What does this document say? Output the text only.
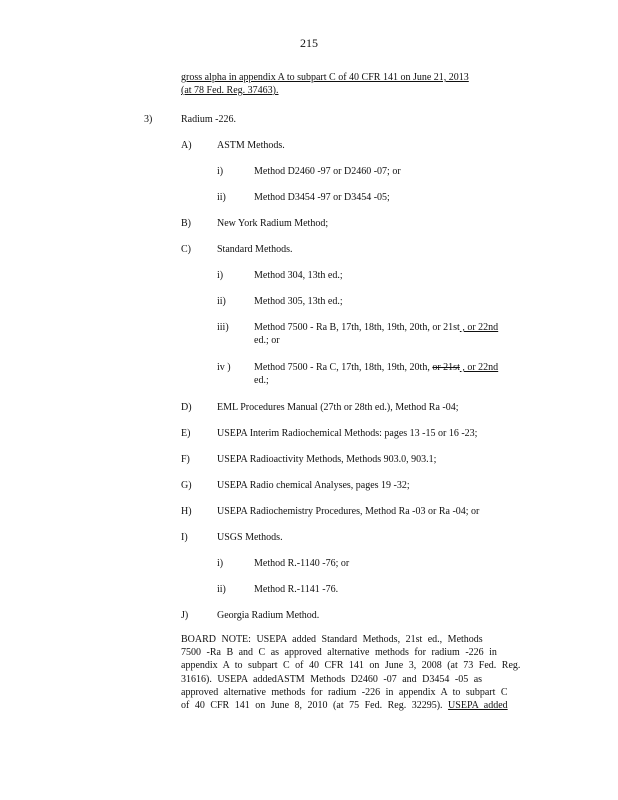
215
gross alpha in appendix A to subpart C of 40 CFR 141 on June 21, 2013
(at 78 Fed. Reg. 37463).
3)	Radium -226.
A)	ASTM Methods.
i)	Method D2460 -97 or D2460 -07; or
ii)	Method D3454 -97 or D3454 -05;
B)	New York Radium Method;
C)	Standard Methods.
i)	Method 304, 13th ed.;
ii)	Method 305, 13th ed.;
iii)	Method 7500 - Ra B, 17th, 18th, 19th, 20th, or 21st , or 22nd
ed.; or
iv ) Method 7500 - Ra C, 17th, 18th, 19th, 20th, or 21st , or 22nd
ed.;
D)	EML Procedures Manual (27th or 28th ed.), Method Ra -04;
E)	USEPA Interim Radiochemical Methods: pages 13 -15 or 16 -23;
F)	USEPA Radioactivity Methods, Methods 903.0, 903.1;
G)	USEPA Radio chemical Analyses, pages 19 -32;
H)	USEPA Radiochemistry Procedures, Method Ra -03 or Ra -04; or
I)	USGS Methods.
i)	Method R.-1140 -76; or
ii)	Method R.-1141 -76.
J)	Georgia Radium Method.
BOARD NOTE: USEPA added Standard Methods, 21st ed., Methods
7500 -Ra B and C as approved alternative methods for radium -226 in
appendix A to subpart C of 40 CFR 141 on June 3, 2008 (at 73 Fed. Reg.
31616). USEPA addedASTM Methods D2460 -07 and D3454 -05 as
approved alternative methods for radium -226 in appendix A to subpart C
of 40 CFR 141 on June 8, 2010 (at 75 Fed. Reg. 32295). USEPA added
